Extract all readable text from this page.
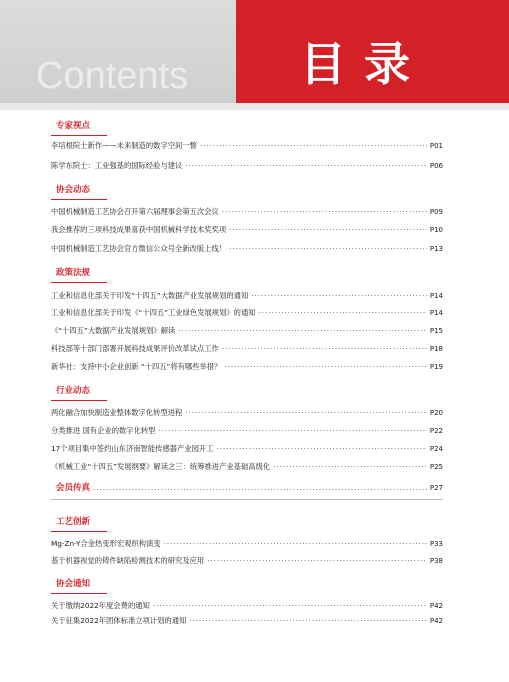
Contents	目录
专家视点
李培根院士新作——未来制造的数字空间一瞥 ·····	P01
陈学东院士：工业强基的国际经验与建议 ·····	P06
协会动态
中国机械制造工艺协会召开第六届理事会第五次会议 ·····	P09
我会推荐的三项科技成果喜获中国机械科学技术奖奖项 ·····	P10
中国机械制造工艺协会官方微信公众号全新改版上线！ ·····	P13
政策法规
工业和信息化部关于印发“十四五”大数据产业发展规划的通知 ·····	P14
工业和信息化部关于印发《“十四五”工业绿色发展规划》的通知 ·····	P14
《“十四五”大数据产业发展规划》解读 ·····	P15
科技部等十部门部署开展科技成果评价改革试点工作 ·····	P18
新华社：支持中小企业创新 “十四五”将有哪些举措？ ·····	P19
行业动态
两化融合加快制造业整体数字化转型进程 ·····	P20
分类推进 国有企业的数字化转型 ·····	P22
17个项目集中签约山东济南智能传感器产业园开工 ·····	P24
《机械工业“十四五”发展纲要》解读之三：统筹推进产业基础高级化 ·····	P25
会员传真 ·····	P27
工艺创新
Mg-Zn-Y合金热变形宏观织构演变 ·····	P33
基于机器视觉的铸件缺陷检测技术的研究及应用 ·····	P38
协会通知
关于缴纳2022年度会费的通知 ·····	P42
关于征集2022年团体标准立项计划的通知 ·····	P42
